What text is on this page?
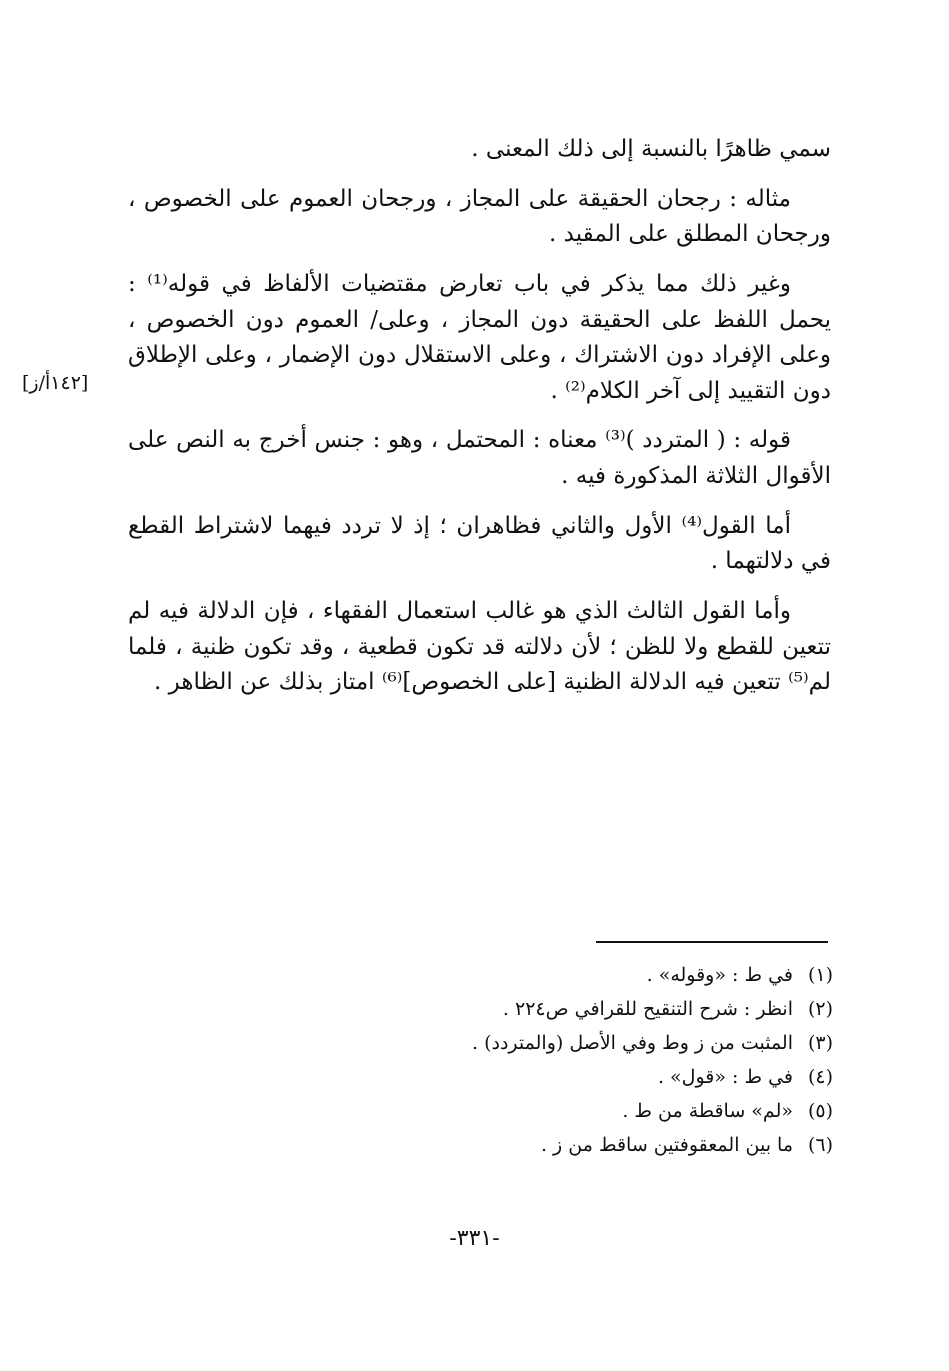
سمي ظاهرًا بالنسبة إلى ذلك المعنى .

مثاله : رجحان الحقيقة على المجاز ، ورجحان العموم على الخصوص ، ورجحان المطلق على المقيد .

وغير ذلك مما يذكر في باب تعارض مقتضيات الألفاظ في قوله⁽¹⁾ : يحمل اللفظ على الحقيقة دون المجاز ، وعلى/ العموم دون الخصوص ، وعلى الإفراد دون الاشتراك ، وعلى الاستقلال دون الإضمار ، وعلى الإطلاق دون التقييد إلى آخر الكلام⁽²⁾ .

قوله : ( المتردد )⁽³⁾ معناه : المحتمل ، وهو : جنس أخرج به النص على الأقوال الثلاثة المذكورة فيه .

أما القول⁽⁴⁾ الأول والثاني فظاهران ؛ إذ لا تردد فيهما لاشتراط القطع في دلالتهما .

وأما القول الثالث الذي هو غالب استعمال الفقهاء ، فإن الدلالة فيه لم تتعين للقطع ولا للظن ؛ لأن دلالته قد تكون قطعية ، وقد تكون ظنية ، فلما لم⁽⁵⁾ تتعين فيه الدلالة الظنية [على الخصوص]⁽⁶⁾ امتاز بذلك عن الظاهر .

[١٤٢أ/ز]
(١)
في ط : «وقوله» .
(٢)
انظر : شرح التنقيح للقرافي ص٢٢٤ .
(٣)
المثبت من ز وط وفي الأصل (والمتردد) .
(٤)
في ط : «قول» .
(٥)
«لم» ساقطة من ط .
(٦)
ما بين المعقوفتين ساقط من ز .
-٣٣١-
